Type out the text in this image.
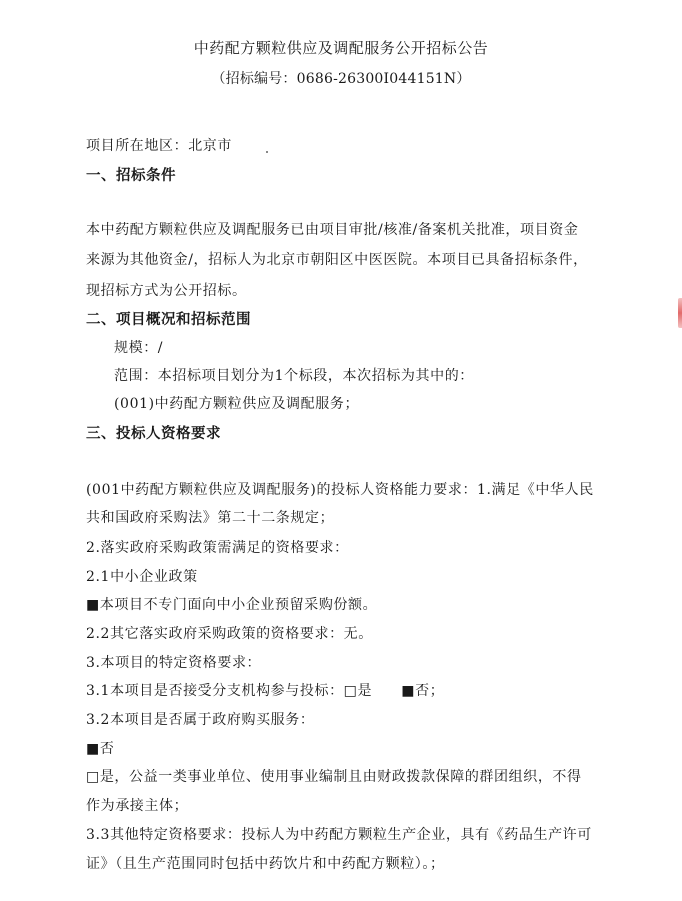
中药配方颗粒供应及调配服务公开招标公告
（招标编号：0686-26300I044151N）
项目所在地区：北京市
一、招标条件
本中药配方颗粒供应及调配服务已由项目审批/核准/备案机关批准，项目资金
来源为其他资金/，招标人为北京市朝阳区中医医院。本项目已具备招标条件，
现招标方式为公开招标。
二、项目概况和招标范围
规模：/
范围：本招标项目划分为1个标段，本次招标为其中的：
(001)中药配方颗粒供应及调配服务；
三、投标人资格要求
(001中药配方颗粒供应及调配服务)的投标人资格能力要求：1.满足《中华人民
共和国政府采购法》第二十二条规定；
2.落实政府采购政策需满足的资格要求：
2.1中小企业政策
■本项目不专门面向中小企业预留采购份额。
2.2其它落实政府采购政策的资格要求：无。
3.本项目的特定资格要求：
3.1本项目是否接受分支机构参与投标：□是　　■否；
3.2本项目是否属于政府购买服务：
■否
□是，公益一类事业单位、使用事业编制且由财政拨款保障的群团组织，不得
作为承接主体；
3.3其他特定资格要求：投标人为中药配方颗粒生产企业，具有《药品生产许可
证》（且生产范围同时包括中药饮片和中药配方颗粒）。；
